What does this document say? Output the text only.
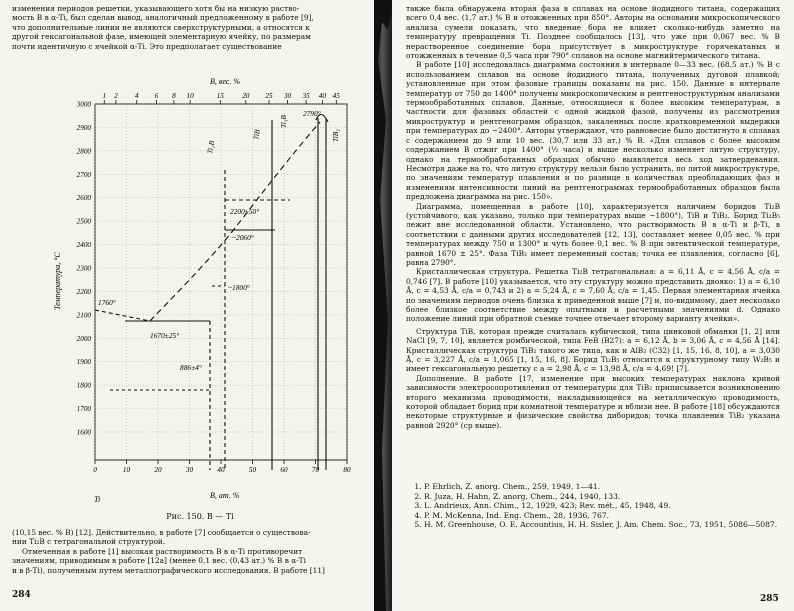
изменения периодов решетки, указывающего хотя бы на низкую раство-
мость B в α-Ti, был сделан вывод, аналогичный предложенному в работе [9],
что дополнительные линии не являются сверхструктурными, а относятся к
другой гексагональной фазе, имеющей элементарную ячейку, по размерам
почти идентичную с ячейкой α-Ti. Это предполагает существование
B, вес. %
1 2 4 6 8 10	15	20 25 30 35 40 45
1600
1700
1800
1900
2000
2100
2200
2300
2400
2500
2600
2700
2800
2900
3000
0	10	20	30	40	50	60	70	80
Температура, °C
B, ат. %
Ti
1760°
1670±25°
~1800°
~2060°
2200±50°
2790°
886±4°
Ti₂B
TiB	TiB₂
Ti₃B
Рис. 150. B — Ti
(10,15 вес. % B) [12]. Действительно, в работе [7] сообщается о существова-
нии Ti₂B с тетрагональной структурой.
Отмеченная в работе [1] высокая растворимость B в α-Ti противоречит
значениям, приводимым в работе [12a] (менее 0,1 вес. (0,43 ат.) % B в α-Ti
и в β-Ti), полученным путем металлографического исследования. В работе [11]
284

также была обнаружена вторая фаза в сплавах на основе йодидного титана, содержащих всего 0,4 вес. (1,7 ат.) % B и отожженных при 850°. Авторы на основании микроскопического анализа сумели показать, что введение бора не влияет сколько-нибудь заметно на температуру превращения Ti. Позднее сообщалось [13], что уже при 0,067 вес. % B нерастворенное соединение бора присутствует в микроструктуре горячекатаных и отожженных в течение 0,5 часа при 790° сплавов на основе магнийтермического титана.

В работе [10] исследовалась диаграмма состояния в интервале 0—33 вес. (68,5 ат.) % B с использованием сплавов на основе йодидного титана, полученных дуговой плавкой; установленные при этом фазовые границы показаны на рис. 150. Данные в интервале температур от 750 до 1400° получены микроскопическим и рентгеноструктурным анализами термообработанных сплавов. Данные, относящиеся к более высоким температурам, в частности для фазовых областей с одной жидкой фазой, получены из рассмотрения микроструктур и рентгенограмм образцов, закаленных после кратковременной выдержки при температурах до ~2400°. Авторы утверждают, что равновесие было достигнуто в сплавах с содержанием до 9 или 10 вес. (30,7 или 33 ат.) % B. «Для сплавов с более высоким содержанием B отжиг при 1400° (½ часа) и выше несколько изменяет литую структуру, однако на термообработанных образцах обычно выявляется весь ход затвердевания. Несмотря даже на то, что литую структуру нельзя было устранить, по литой микроструктуре, по значениям температур плавления и по разнице в количествах преобладающих фаз и изменениям интенсивности линий на рентгенограммах термообработанных образцов была предложена диаграмма на рис. 150».

Диаграмма, помещенная в работе [10], характеризуется наличием боридов Ti₂B (устойчивого, как указано, только при температурах выше ~1800°), TiB и TiB₂. Борид Ti₂B₅ лежит вне исследованной области. Установлено, что растворимость B в α-Ti и β-Ti, в соответствии с данными других исследователей [12, 13], составляет менее 0,05 вес. % при температурах между 750 и 1300° и чуть более 0,1 вес. % B при эвтектической температуре, равной 1670 ± 25°. Фаза TiB₂ имеет переменный состав; точка ее плавления, согласно [6], равна 2790°.

Кристаллическая структура. Решетка Ti₂B тетрагональная: a = 6,11 Å, c = 4,56 Å, c/a = 0,746 [7]. В работе [10] указывается, что эту структуру можно представить двояко: 1) a = 6,10 Å, c = 4,53 Å, c/a = 0,743 и 2) a = 5,24 Å, c = 7,60 Å, c/a = 1,45. Первая элементарная ячейка по значениям периодов очень близка к приведенной выше [7] и, по-видимому, дает несколько более близкое соответствие между опытными и расчетными значениями d. Однако положение линий при обратной съемке точнее отвечает второму варианту ячейки».

Структура TiB, которая прежде считалась кубической, типа цинковой обманки [1, 2] или NaCl [9, 7, 10], является ромбической, типа FeB (B27): a = 6,12 Å, b = 3,06 Å, c = 4,56 Å [14]. Кристаллическая структура TiB₂ такого же типа, как и AlB₂ (C32) [1, 15, 16, 8, 10], a = 3,030 Å, c = 3,227 Å, c/a = 1,065 [1, 15, 16, 8]. Борид Ti₂B₅ относится к структурному типу W₂B₅ и имеет гексагональную решетку с a = 2,98 Å, c = 13,98 Å, c/a = 4,69! [7].

Дополнение. В работе [17, изменение при высоких температурах наклона кривой зависимости электросопротивления от температуры для TiB₂ приписывается возникновению второго механизма проводимости, накладывающейся на металлическую проводимость, которой обладает борид при комнатной температуре и вблизи нее. В работе [18] обсуждаются некоторые структурные и физические свойства диборидов; точка плавления TiB₂ указана равной 2920° (ср выше).

1. P. Ehrlich, Z. anorg. Chem., 259, 1949, 1—41.
2. R. Juza, H. Hahn, Z. anorg. Chem., 244, 1940, 133.
3. L. Andrieux, Ann. Chim., 12, 1929, 423; Rev. mét., 45, 1948, 49.
4. P. M. McKenna, Ind. Eng. Chem., 28, 1936, 767.
5. H. M. Greenhouse, O. E. Accountius, H. H. Sisler, J. Am. Chem. Soc., 73, 1951, 5086—5087.
285
